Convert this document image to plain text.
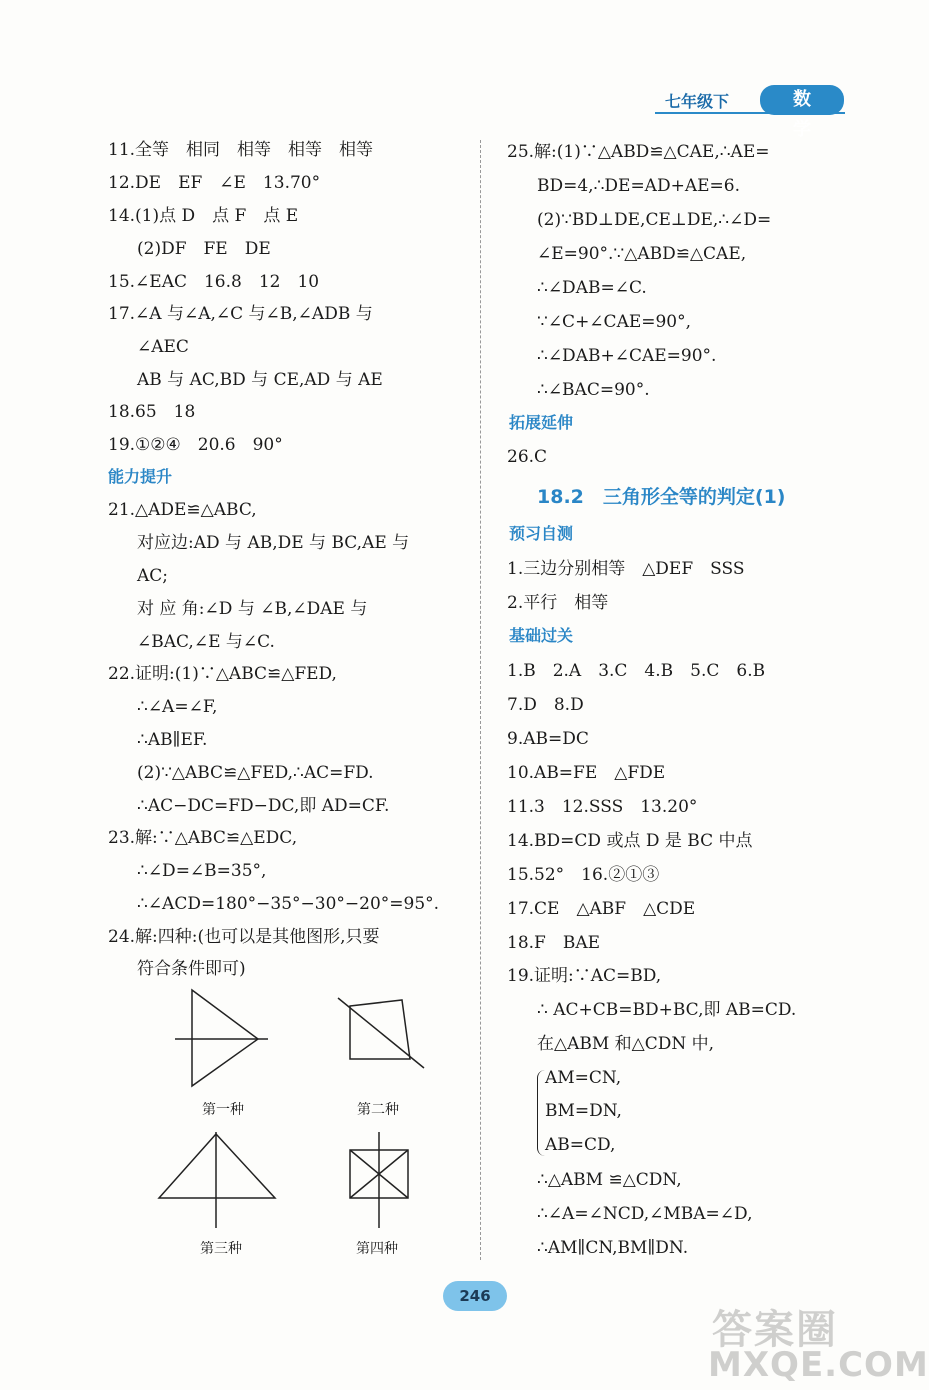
七年级下	数 学
11.全等　相同　相等　相等　相等
12.DE　EF　∠E　13.70°
14.(1)点 D　点 F　点 E
(2)DF　FE　DE
15.∠EAC　16.8　12　10
17.∠A 与∠A,∠C 与∠B,∠ADB 与
∠AEC
AB 与 AC,BD 与 CE,AD 与 AE
18.65　18
19.①②④　20.6　90°
能力提升
21.△ADE≌△ABC,
对应边:AD 与 AB,DE 与 BC,AE 与
AC;
对 应 角:∠D 与 ∠B,∠DAE 与
∠BAC,∠E 与∠C.
22.证明:(1)∵△ABC≌△FED,
∴∠A=∠F,
∴AB∥EF.
(2)∵△ABC≌△FED,∴AC=FD.
∴AC−DC=FD−DC,即 AD=CF.
23.解:∵△ABC≌△EDC,
∴∠D=∠B=35°,
∴∠ACD=180°−35°−30°−20°=95°.
24.解:四种:(也可以是其他图形,只要
符合条件即可)
第一种	第二种
第三种	第四种
25.解:(1)∵△ABD≌△CAE,∴AE=
BD=4,∴DE=AD+AE=6.
(2)∵BD⊥DE,CE⊥DE,∴∠D=
∠E=90°.∵△ABD≌△CAE,
∴∠DAB=∠C.
∵∠C+∠CAE=90°,
∴∠DAB+∠CAE=90°.
∴∠BAC=90°.
拓展延伸
26.C
18.2　三角形全等的判定(1)
预习自测
1.三边分别相等　△DEF　SSS
2.平行　相等
基础过关
1.B　2.A　3.C　4.B　5.C　6.B
7.D　8.D
9.AB=DC
10.AB=FE　△FDE
11.3　12.SSS　13.20°
14.BD=CD 或点 D 是 BC 中点
15.52°　16.②①③
17.CE　△ABF　△CDE
18.F　BAE
19.证明:∵AC=BD,
∴ AC+CB=BD+BC,即 AB=CD.
在△ABM 和△CDN 中,
AM=CN,
BM=DN,
AB=CD,
∴△ABM ≌△CDN,
∴∠A=∠NCD,∠MBA=∠D,
∴AM∥CN,BM∥DN.
246
答案圈
MXQE.COM
